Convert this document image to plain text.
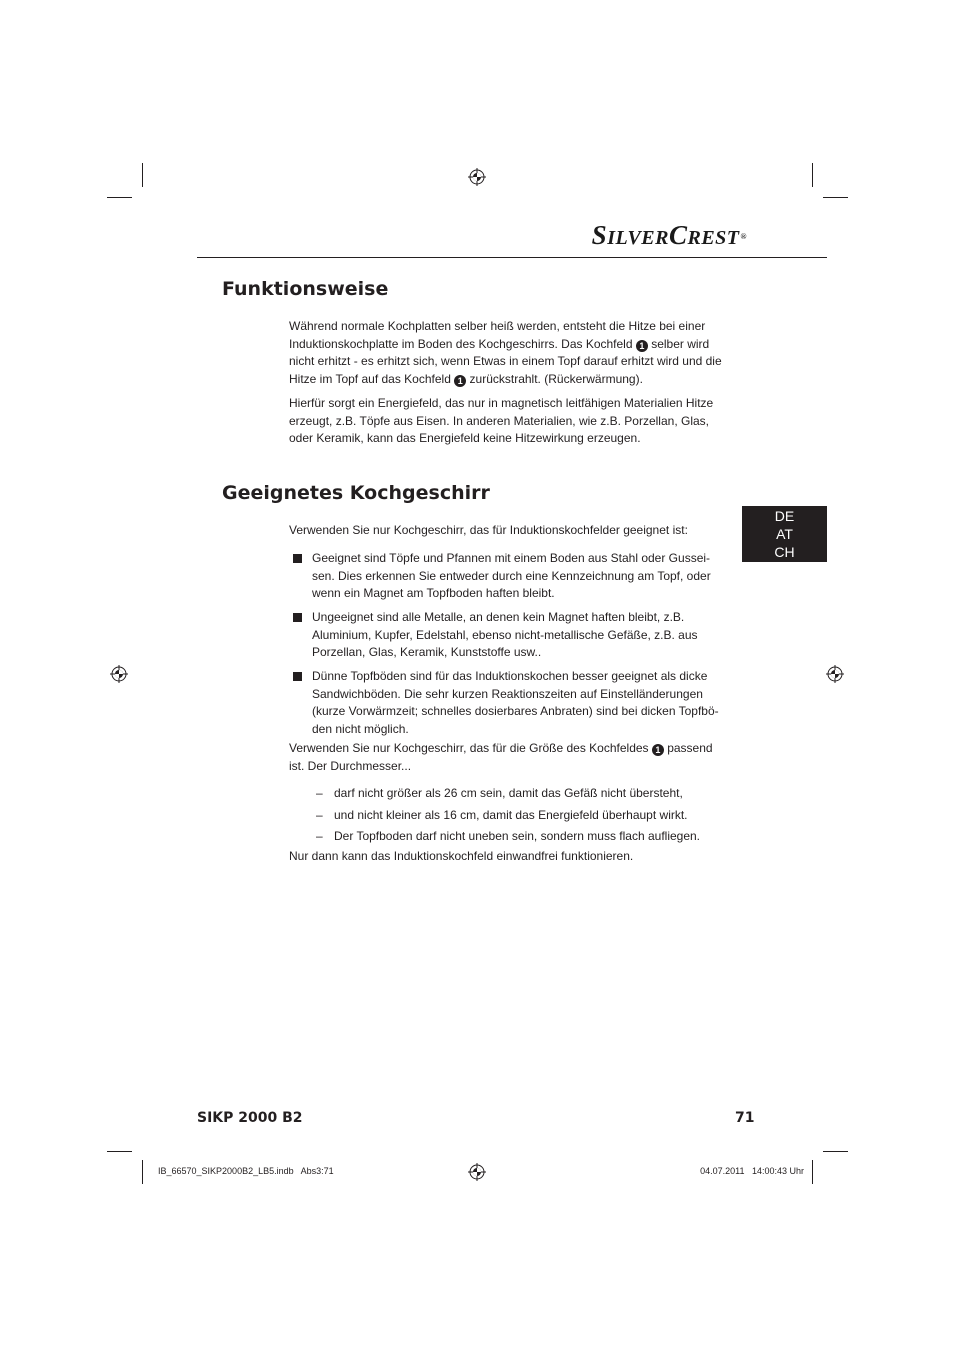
SILVERCREST®
Funktionsweise
Während normale Kochplatten selber heiß werden, entsteht die Hitze bei einer
Induktionskochplatte im Boden des Kochgeschirrs. Das Kochfeld 1 selber wird
nicht erhitzt - es erhitzt sich, wenn Etwas in einem Topf darauf erhitzt wird und die
Hitze im Topf auf das Kochfeld 1 zurückstrahlt. (Rückerwärmung).
Hierfür sorgt ein Energiefeld, das nur in magnetisch leitfähigen Materialien Hitze
erzeugt, z.B. Töpfe aus Eisen. In anderen Materialien, wie z.B. Porzellan, Glas,
oder Keramik, kann das Energiefeld keine Hitzewirkung erzeugen.
Geeignetes Kochgeschirr
Verwenden Sie nur Kochgeschirr, das für Induktionskochfelder geeignet ist:
Geeignet sind Töpfe und Pfannen mit einem Boden aus Stahl oder Gussei-
sen. Dies erkennen Sie entweder durch eine Kennzeichnung am Topf, oder
wenn ein Magnet am Topfboden haften bleibt.
Ungeeignet sind alle Metalle, an denen kein Magnet haften bleibt, z.B.
Aluminium, Kupfer, Edelstahl, ebenso nicht-metallische Gefäße, z.B. aus
Porzellan, Glas, Keramik, Kunststoffe usw..
Dünne Topfböden sind für das Induktionskochen besser geeignet als dicke
Sandwichböden. Die sehr kurzen Reaktionszeiten auf Einstelländerungen
(kurze Vorwärmzeit; schnelles dosierbares Anbraten) sind bei dicken Topfbö-
den nicht möglich.
Verwenden Sie nur Kochgeschirr, das für die Größe des Kochfeldes 1 passend
ist. Der Durchmesser...
– darf nicht größer als 26 cm sein, damit das Gefäß nicht übersteht,
– und nicht kleiner als 16 cm, damit das Energiefeld überhaupt wirkt.
– Der Topfboden darf nicht uneben sein, sondern muss flach aufliegen.
Nur dann kann das Induktionskochfeld einwandfrei funktionieren.
DE
AT
CH
SIKP 2000 B2	71
IB_66570_SIKP2000B2_LB5.indb   Abs3:71	04.07.2011   14:00:43 Uhr
